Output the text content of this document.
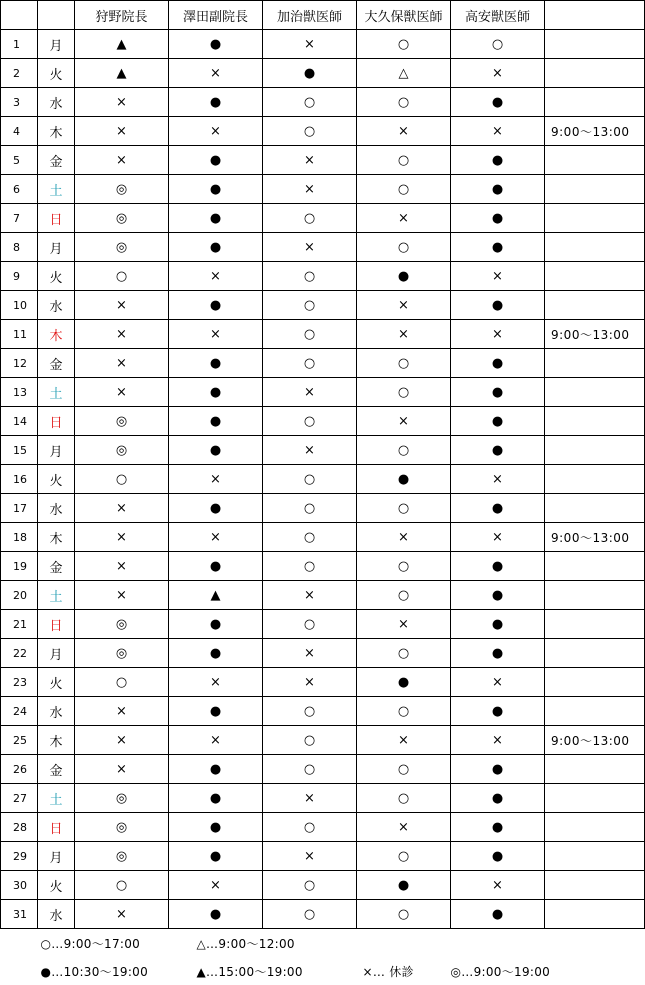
		狩野院長	澤田副院長	加治獣医師	大久保獣医師	高安獣医師	
1	月	▲	●	×	○	○	
2	火	▲	×	●	△	×	
3	水	×	●	○	○	●	
4	木	×	×	○	×	×	9:00～13:00
5	金	×	●	×	○	●	
6	土	◎	●	×	○	●	
7	日	◎	●	○	×	●	
8	月	◎	●	×	○	●	
9	火	○	×	○	●	×	
10	水	×	●	○	×	●	
11	木	×	×	○	×	×	9:00～13:00
12	金	×	●	○	○	●	
13	土	×	●	×	○	●	
14	日	◎	●	○	×	●	
15	月	◎	●	×	○	●	
16	火	○	×	○	●	×	
17	水	×	●	○	○	●	
18	木	×	×	○	×	×	9:00～13:00
19	金	×	●	○	○	●	
20	土	×	▲	×	○	●	
21	日	◎	●	○	×	●	
22	月	◎	●	×	○	●	
23	火	○	×	×	●	×	
24	水	×	●	○	○	●	
25	木	×	×	○	×	×	9:00～13:00
26	金	×	●	○	○	●	
27	土	◎	●	×	○	●	
28	日	◎	●	○	×	●	
29	月	◎	●	×	○	●	
30	火	○	×	○	●	×	
31	水	×	●	○	○	●	
○…9:00～17:00			△…9:00～12:00				
●…10:30～19:00			▲…15:00～19:00		×… 休診	◎…9:00～19:00	
